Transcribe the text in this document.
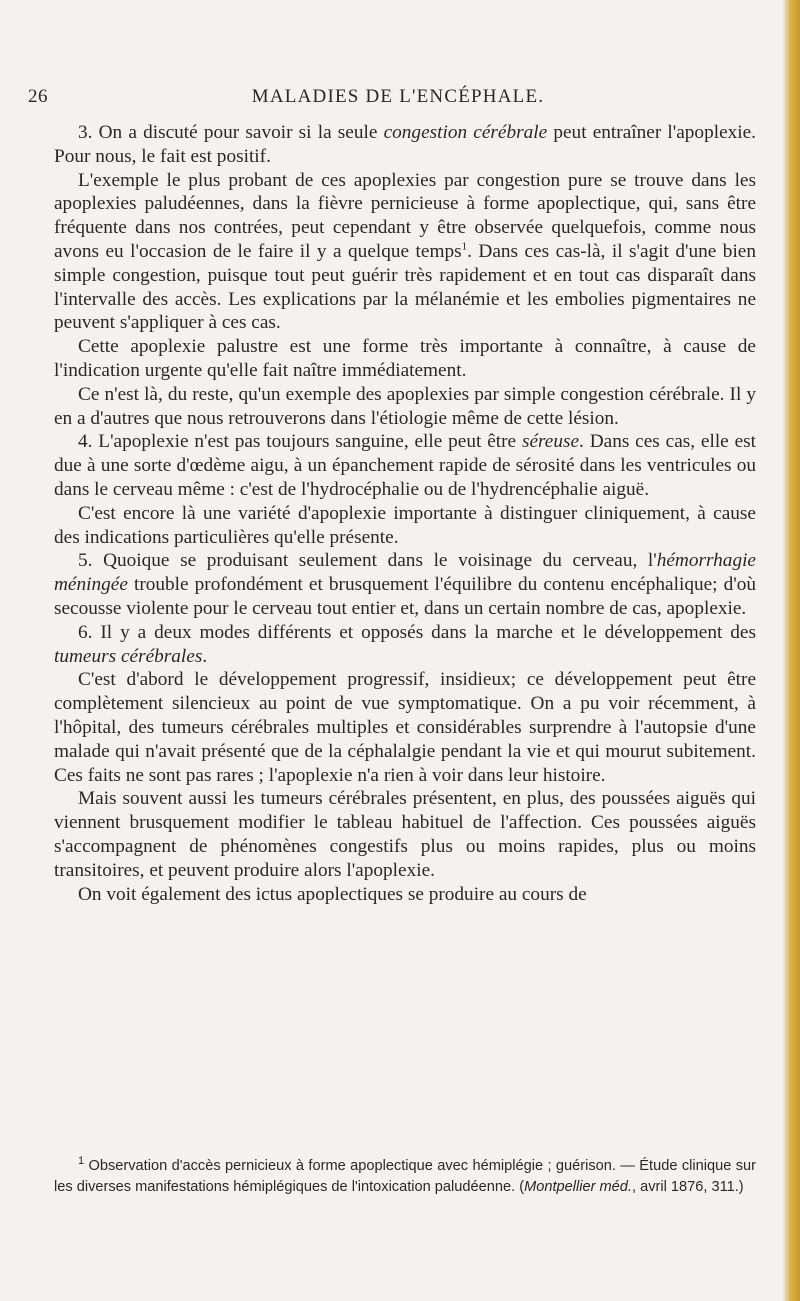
26	MALADIES DE L'ENCÉPHALE.

3. On a discuté pour savoir si la seule congestion cérébrale peut entraîner l'apoplexie. Pour nous, le fait est positif.

L'exemple le plus probant de ces apoplexies par congestion pure se trouve dans les apoplexies paludéennes, dans la fièvre pernicieuse à forme apoplectique, qui, sans être fréquente dans nos contrées, peut cependant y être observée quelquefois, comme nous avons eu l'occasion de le faire il y a quelque temps$^1$. Dans ces cas-là, il s'agit d'une bien simple congestion, puisque tout peut guérir très rapidement et en tout cas disparaît dans l'intervalle des accès. Les explications par la mélanémie et les embolies pigmentaires ne peuvent s'appliquer à ces cas.

Cette apoplexie palustre est une forme très importante à connaître, à cause de l'indication urgente qu'elle fait naître immédiatement.

Ce n'est là, du reste, qu'un exemple des apoplexies par simple congestion cérébrale. Il y en a d'autres que nous retrouverons dans l'étiologie même de cette lésion.

4. L'apoplexie n'est pas toujours sanguine, elle peut être séreuse. Dans ces cas, elle est due à une sorte d'œdème aigu, à un épanchement rapide de sérosité dans les ventricules ou dans le cerveau même : c'est de l'hydrocéphalie ou de l'hydrencéphalie aiguë.

C'est encore là une variété d'apoplexie importante à distinguer cliniquement, à cause des indications particulières qu'elle présente.

5. Quoique se produisant seulement dans le voisinage du cerveau, l'hémorrhagie méningée trouble profondément et brusquement l'équilibre du contenu encéphalique; d'où secousse violente pour le cerveau tout entier et, dans un certain nombre de cas, apoplexie.

6. Il y a deux modes différents et opposés dans la marche et le développement des tumeurs cérébrales.

C'est d'abord le développement progressif, insidieux; ce développement peut être complètement silencieux au point de vue symptomatique. On a pu voir récemment, à l'hôpital, des tumeurs cérébrales multiples et considérables surprendre à l'autopsie d'une malade qui n'avait présenté que de la céphalalgie pendant la vie et qui mourut subitement. Ces faits ne sont pas rares ; l'apoplexie n'a rien à voir dans leur histoire.

Mais souvent aussi les tumeurs cérébrales présentent, en plus, des poussées aiguës qui viennent brusquement modifier le tableau habituel de l'affection. Ces poussées aiguës s'accompagnent de phénomènes congestifs plus ou moins rapides, plus ou moins transitoires, et peuvent produire alors l'apoplexie.

On voit également des ictus apoplectiques se produire au cours de

$^1$ Observation d'accès pernicieux à forme apoplectique avec hémiplégie ; guérison. — Étude clinique sur les diverses manifestations hémiplégiques de l'intoxication paludéenne. (Montpellier méd., avril 1876, 311.)
